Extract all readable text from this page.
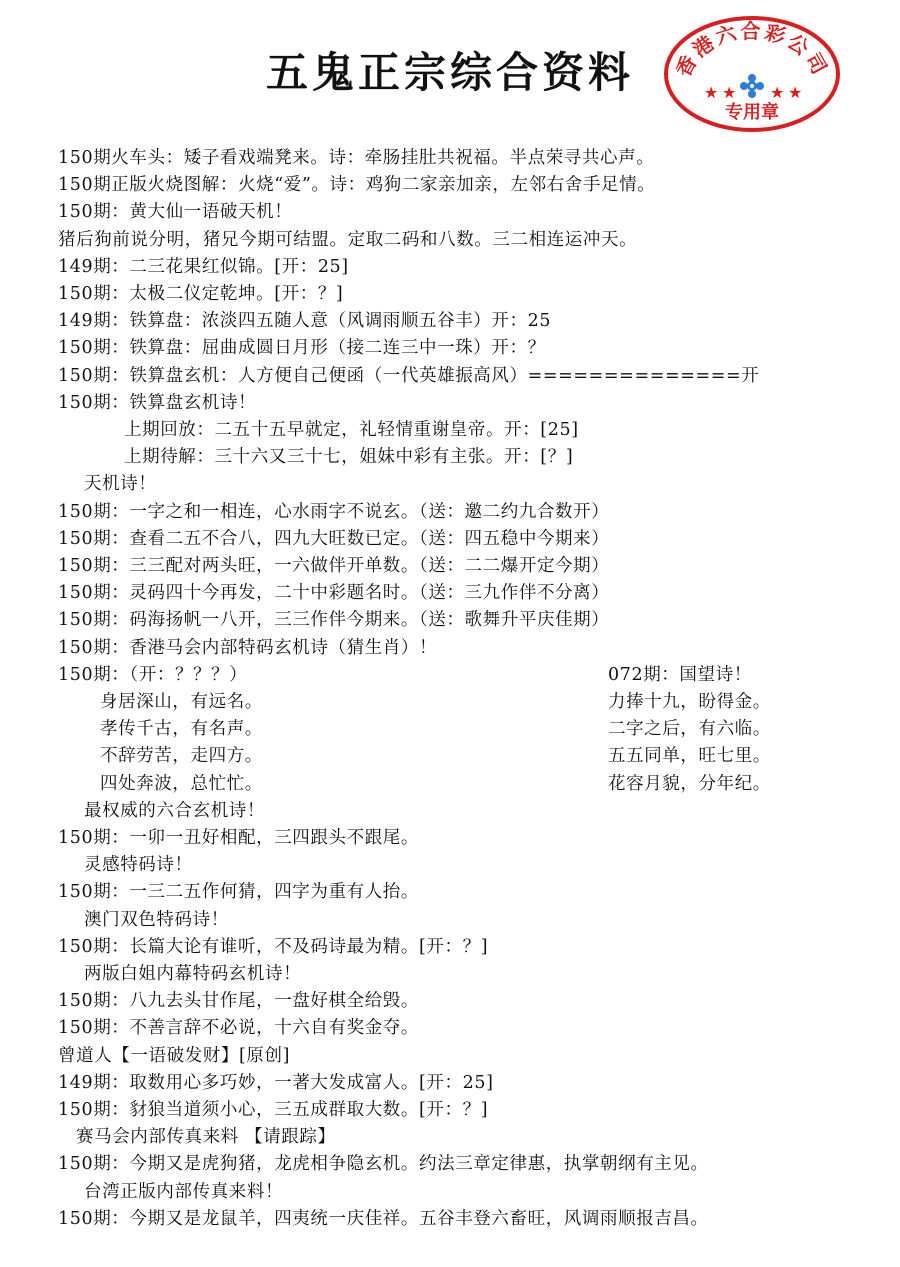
五鬼正宗综合资料	香港六合彩公司
★ ★ ★ ★
专用章
150期火车头：矮子看戏端凳来。诗：牵肠挂肚共祝福。半点荣寻共心声。
150期正版火烧图解：火烧“爱”。诗：鸡狗二家亲加亲，左邻右舍手足情。
150期：黄大仙一语破天机！
猪后狗前说分明，猪兄今期可结盟。定取二码和八数。三二相连运冲天。
149期：二三花果红似锦。[开：25]
150期：太极二仪定乾坤。[开：？]
149期：铁算盘：浓淡四五随人意（风调雨顺五谷丰）开：25
150期：铁算盘：屈曲成圆日月形（接二连三中一珠）开：？
150期：铁算盘玄机：人方便自己便函（一代英雄振高风）==============开
150期：铁算盘玄机诗！
上期回放：二五十五早就定，礼轻情重谢皇帝。开：[25]
上期待解：三十六又三十七，姐妹中彩有主张。开：[？]
天机诗！
150期：一字之和一相连，心水雨字不说玄。（送：邀二约九合数开）
150期：查看二五不合八，四九大旺数已定。（送：四五稳中今期来）
150期：三三配对两头旺，一六做伴开单数。（送：二二爆开定今期）
150期：灵码四十今再发，二十中彩题名时。（送：三九作伴不分离）
150期：码海扬帆一八开，三三作伴今期来。（送：歌舞升平庆佳期）
150期：香港马会内部特码玄机诗（猜生肖）！
150期：（开：？？？）
身居深山，有远名。
孝传千古，有名声。
不辞劳苦，走四方。
四处奔波，总忙忙。
最权威的六合玄机诗！
150期：一卯一丑好相配，三四跟头不跟尾。
灵感特码诗！
150期：一三二五作何猜，四字为重有人抬。
澳门双色特码诗！
150期：长篇大论有谁听，不及码诗最为精。[开：？]
两版白姐内幕特码玄机诗！
150期：八九去头甘作尾，一盘好棋全给毁。
150期：不善言辞不必说，十六自有奖金夺。
曾道人【一语破发财】[原创]
149期：取数用心多巧妙，一著大发成富人。[开：25]
150期：豺狼当道须小心，三五成群取大数。[开：？]
赛马会内部传真来料 【请跟踪】
150期：今期又是虎狗猪，龙虎相争隐玄机。约法三章定律惠，执掌朝纲有主见。
台湾正版内部传真来料！
150期：今期又是龙鼠羊，四夷统一庆佳祥。五谷丰登六畜旺，风调雨顺报吉昌。
072期：国望诗！
力捧十九，盼得金。
二字之后，有六临。
五五同单，旺七里。
花容月貌，分年纪。
